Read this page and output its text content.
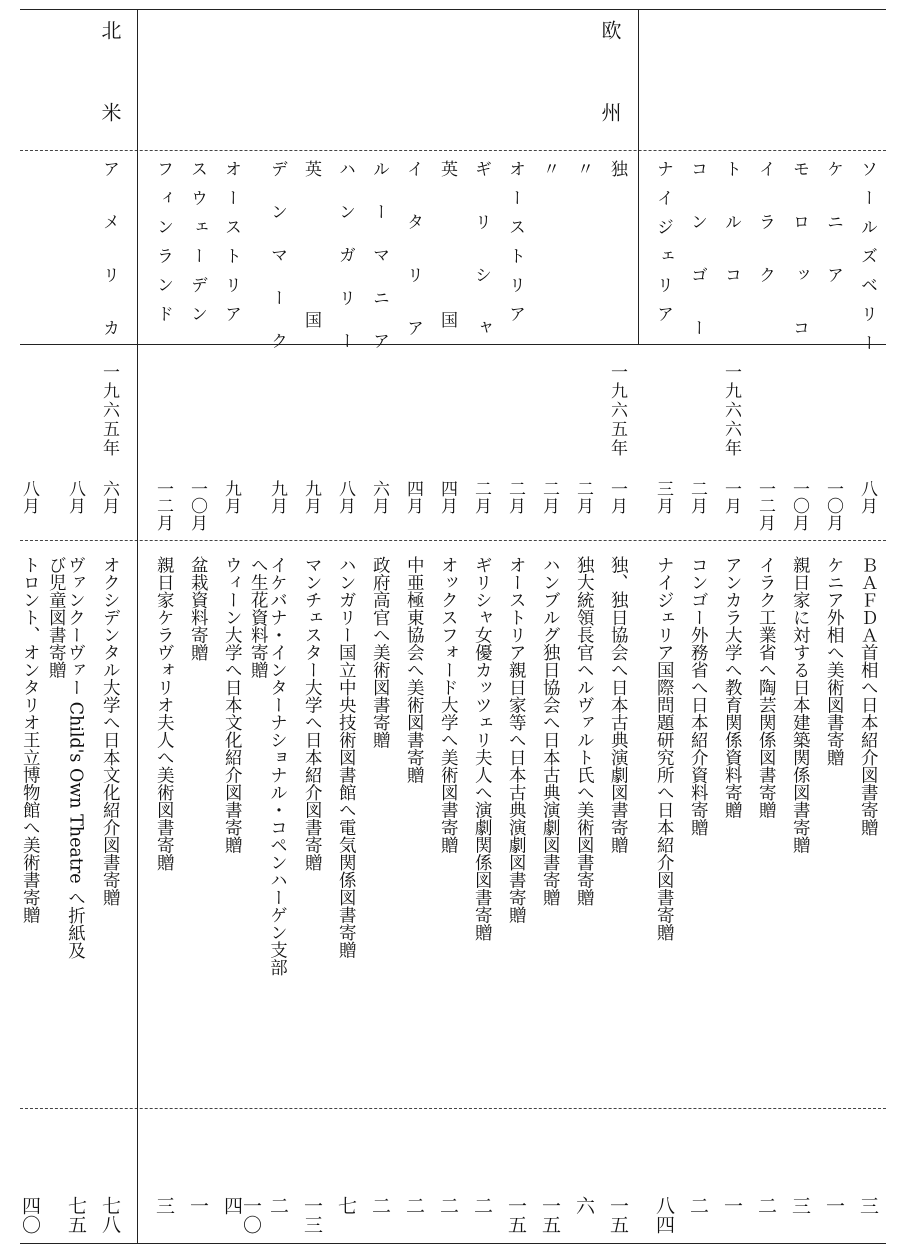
北米	欧州
ソールズベリー
八月
ＢＡＦＤＡ首相へ日本紹介図書寄贈
三
ケニア
一〇月
ケニア外相へ美術図書寄贈
一
モロッコ
一〇月
親日家に対する日本建築関係図書寄贈
三
イラク
一二月
イラク工業省へ陶芸関係図書寄贈
二
トルコ
一九六六年
一月
アンカラ大学へ教育関係資料寄贈
一
コンゴー
二月
コンゴー外務省へ日本紹介資料寄贈
二
ナイジェリア
三月
ナイジェリア国際問題研究所へ日本紹介図書寄贈
八四
独
一九六五年
一月
独、独日協会へ日本古典演劇図書寄贈
一五
〃
二月
独大統領長官ヘルヴァルト氏へ美術図書寄贈
六
〃
二月
ハンブルグ独日協会へ日本古典演劇図書寄贈
一五
オーストリア
二月
オーストリア親日家等へ日本古典演劇図書寄贈
一五
ギリシャ
二月
ギリシャ女優カッツェリ夫人へ演劇関係図書寄贈
二
英国
四月
オックスフォード大学へ美術図書寄贈
二
イタリア
四月
中亜極東協会へ美術図書寄贈
二
ルーマニア
六月
政府高官へ美術図書寄贈
二
ハンガリー
八月
ハンガリー国立中央技術図書館へ電気関係図書寄贈
七
英国
九月
マンチェスター大学へ日本紹介図書寄贈
一三
デンマーク
九月
イケバナ・インターナショナル・コペンハーゲン支部
へ生花資料寄贈
二
オーストリア
九月
ウィーン大学へ日本文化紹介図書寄贈
一〇四
スウェーデン
一〇月
盆栽資料寄贈
一
フィンランド
一二月
親日家ケラヴォリオ夫人へ美術図書寄贈
三
アメリカ
一九六五年
六月
オクシデンタル大学へ日本文化紹介図書寄贈
七八
八月
ヴァンクーヴァー Child's Own Theatre へ折紙及
び児童図書寄贈
七五
八月
トロント、オンタリオ王立博物館へ美術書寄贈
四〇
